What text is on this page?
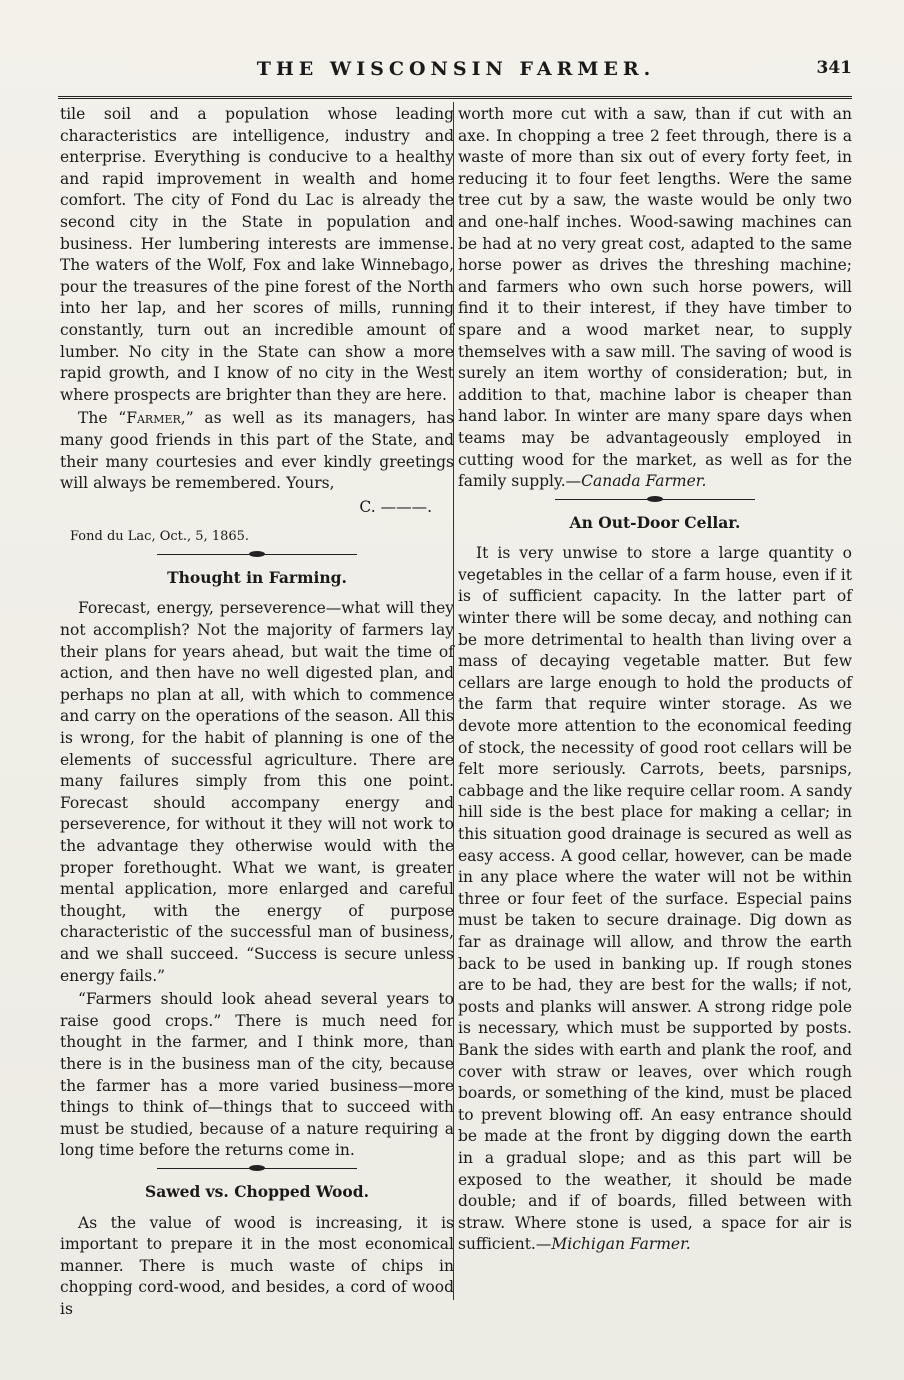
THE WISCONSIN FARMER.	341

tile soil and a population whose leading characteristics are intelligence, industry and enterprise. Everything is conducive to a healthy and rapid improvement in wealth and home comfort. The city of Fond du Lac is already the second city in the State in population and business. Her lumbering interests are immense. The waters of the Wolf, Fox and lake Winnebago, pour the treasures of the pine forest of the North into her lap, and her scores of mills, running constantly, turn out an incredible amount of lumber. No city in the State can show a more rapid growth, and I know of no city in the West where prospects are brighter than they are here.

The “Farmer,” as well as its managers, has many good friends in this part of the State, and their many courtesies and ever kindly greetings will always be remembered. Yours,

C. ———.

Fond du Lac, Oct., 5, 1865.

Thought in Farming.

Forecast, energy, perseverence—what will they not accomplish? Not the majority of farmers lay their plans for years ahead, but wait the time of action, and then have no well digested plan, and perhaps no plan at all, with which to commence and carry on the operations of the season. All this is wrong, for the habit of planning is one of the elements of successful agriculture. There are many failures simply from this one point. Forecast should accompany energy and perseverence, for without it they will not work to the advantage they otherwise would with the proper forethought. What we want, is greater mental application, more enlarged and careful thought, with the energy of purpose characteristic of the successful man of business, and we shall succeed. “Success is secure unless energy fails.”

“Farmers should look ahead several years to raise good crops.” There is much need for thought in the farmer, and I think more, than there is in the business man of the city, because the farmer has a more varied business—more things to think of—things that to succeed with must be studied, because of a nature requiring a long time before the returns come in.

Sawed vs. Chopped Wood.

As the value of wood is increasing, it is important to prepare it in the most economical manner. There is much waste of chips in chopping cord-wood, and besides, a cord of wood is

worth more cut with a saw, than if cut with an axe. In chopping a tree 2 feet through, there is a waste of more than six out of every forty feet, in reducing it to four feet lengths. Were the same tree cut by a saw, the waste would be only two and one-half inches. Wood-sawing machines can be had at no very great cost, adapted to the same horse power as drives the threshing machine; and farmers who own such horse powers, will find it to their interest, if they have timber to spare and a wood market near, to supply themselves with a saw mill. The saving of wood is surely an item worthy of consideration; but, in addition to that, machine labor is cheaper than hand labor. In winter are many spare days when teams may be advantageously employed in cutting wood for the market, as well as for the family supply.—Canada Farmer.

An Out-Door Cellar.

It is very unwise to store a large quantity o vegetables in the cellar of a farm house, even if it is of sufficient capacity. In the latter part of winter there will be some decay, and nothing can be more detrimental to health than living over a mass of decaying vegetable matter. But few cellars are large enough to hold the products of the farm that require winter storage. As we devote more attention to the economical feeding of stock, the necessity of good root cellars will be felt more seriously. Carrots, beets, parsnips, cabbage and the like require cellar room. A sandy hill side is the best place for making a cellar; in this situation good drainage is secured as well as easy access. A good cellar, however, can be made in any place where the water will not be within three or four feet of the surface. Especial pains must be taken to secure drainage. Dig down as far as drainage will allow, and throw the earth back to be used in banking up. If rough stones are to be had, they are best for the walls; if not, posts and planks will answer. A strong ridge pole is necessary, which must be supported by posts. Bank the sides with earth and plank the roof, and cover with straw or leaves, over which rough boards, or something of the kind, must be placed to prevent blowing off. An easy entrance should be made at the front by digging down the earth in a gradual slope; and as this part will be exposed to the weather, it should be made double; and if of boards, filled between with straw. Where stone is used, a space for air is sufficient.—Michigan Farmer.
